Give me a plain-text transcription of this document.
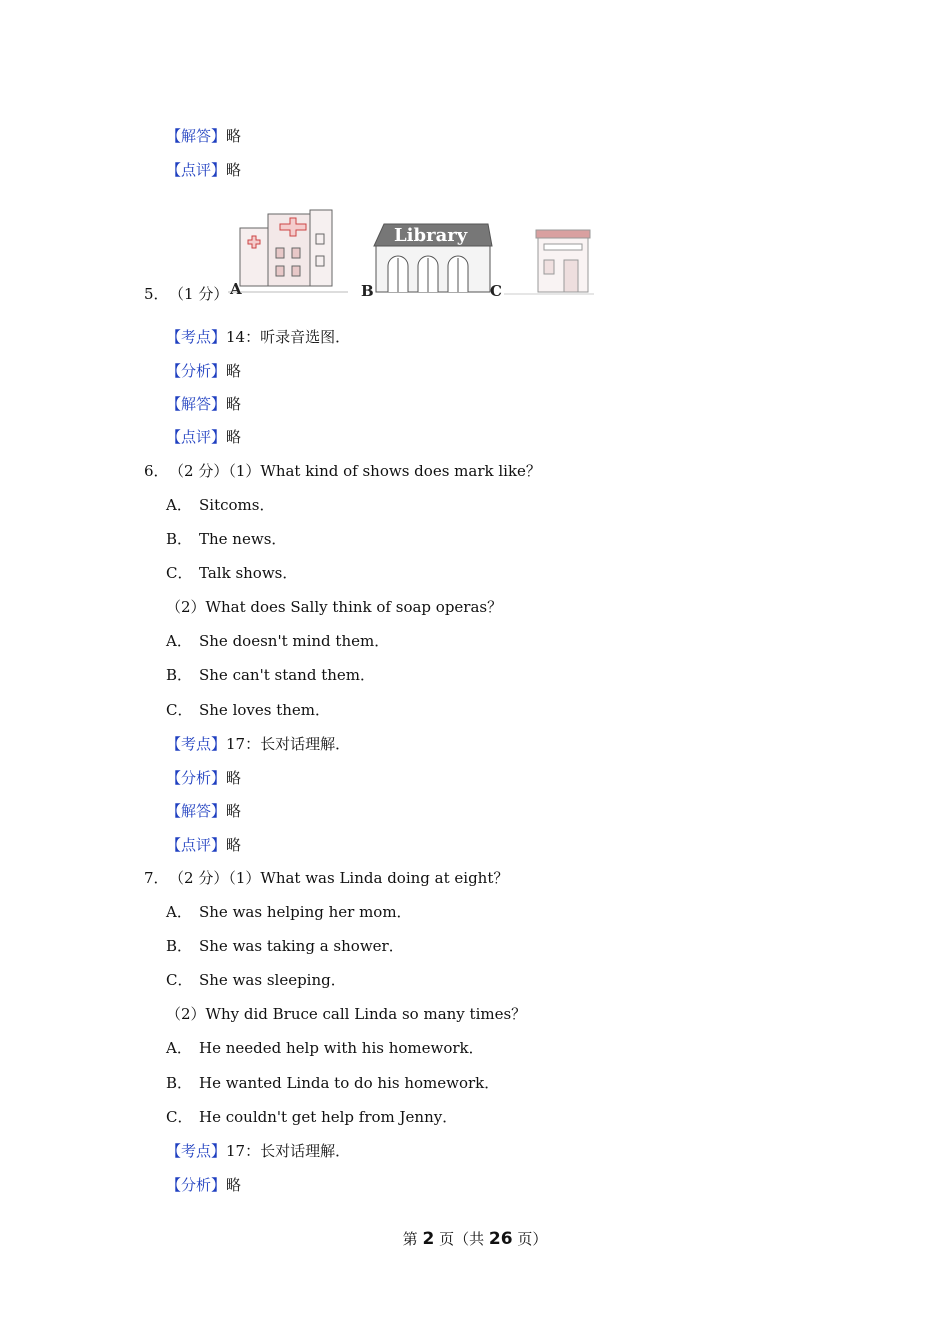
【解答】略
【点评】略
A
Library
B	C
5． （1 分）
【考点】14：听录音选图．
【分析】略
【解答】略
【点评】略
6． （2 分）（1）What kind of shows does mark like？
A． Sitcoms．
B． The news．
C． Talk shows．
（2）What does Sally think of soap operas？
A． She doesn't mind them．
B． She can't stand them．
C． She loves them．
【考点】17：长对话理解．
【分析】略
【解答】略
【点评】略
7． （2 分）（1）What was Linda doing at eight？
A． She was helping her mom．
B． She was taking a shower．
C． She was sleeping．
（2）Why did Bruce call Linda so many times？
A． He needed help with his homework．
B． He wanted Linda to do his homework．
C． He couldn't get help from Jenny．
【考点】17：长对话理解．
【分析】略
第 2 页（共 26 页）
